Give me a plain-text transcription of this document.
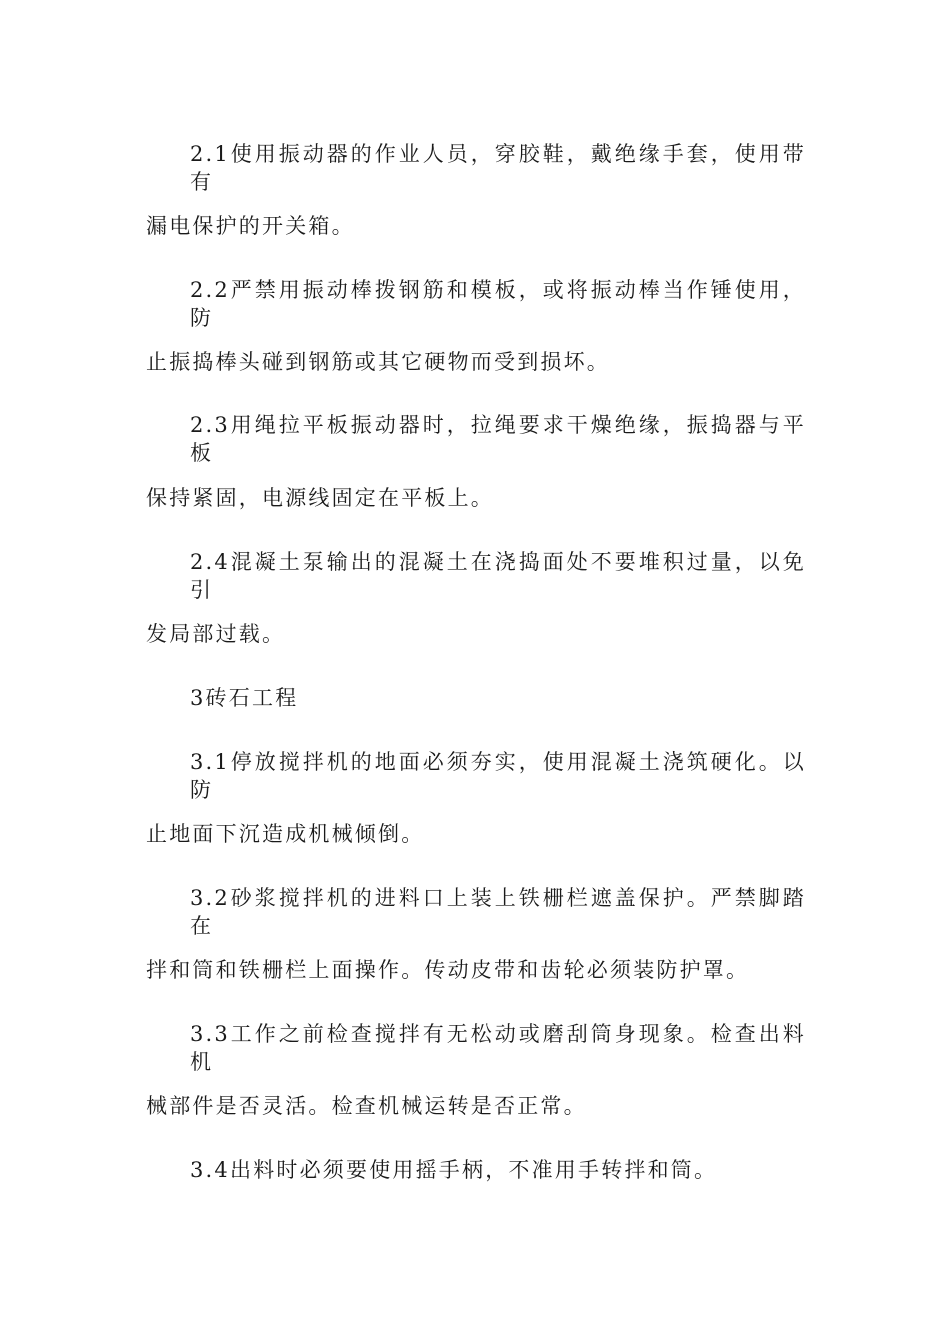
2.1使用振动器的作业人员，穿胶鞋，戴绝缘手套，使用带有
漏电保护的开关箱。
2.2严禁用振动棒拨钢筋和模板，或将振动棒当作锤使用，防
止振捣棒头碰到钢筋或其它硬物而受到损坏。
2.3用绳拉平板振动器时，拉绳要求干燥绝缘，振捣器与平板
保持紧固，电源线固定在平板上。
2.4混凝土泵输出的混凝土在浇捣面处不要堆积过量，以免引
发局部过载。
3砖石工程
3.1停放搅拌机的地面必须夯实，使用混凝土浇筑硬化。以防
止地面下沉造成机械倾倒。
3.2砂浆搅拌机的进料口上装上铁栅栏遮盖保护。严禁脚踏在
拌和筒和铁栅栏上面操作。传动皮带和齿轮必须装防护罩。
3.3工作之前检查搅拌有无松动或磨刮筒身现象。检查出料机
械部件是否灵活。检查机械运转是否正常。
3.4出料时必须要使用摇手柄，不准用手转拌和筒。
